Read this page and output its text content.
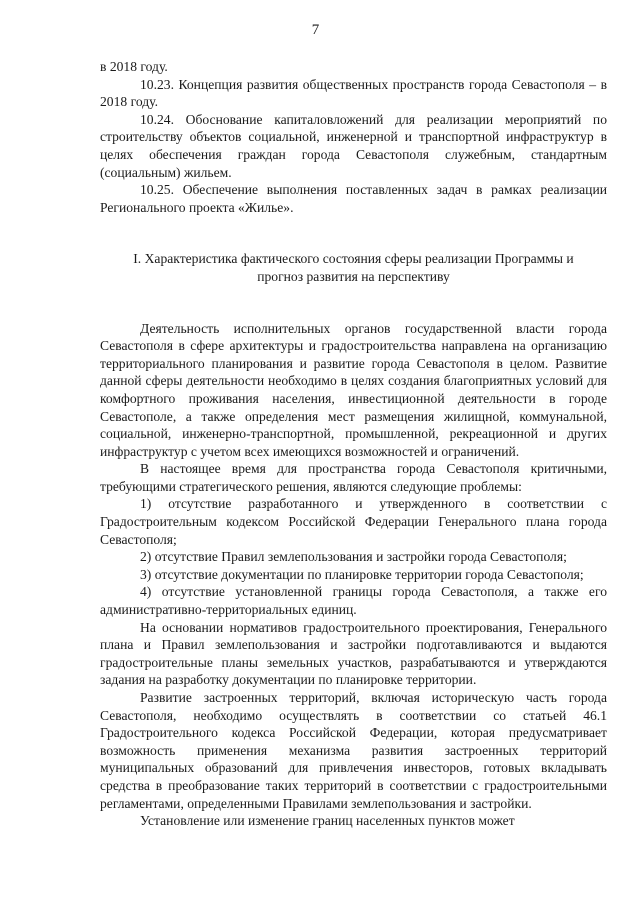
7

в 2018 году.

10.23. Концепция развития общественных пространств города Севастополя – в 2018 году.

10.24. Обоснование капиталовложений для реализации мероприятий по строительству объектов социальной, инженерной и транспортной инфраструктур в целях обеспечения граждан города Севастополя служебным, стандартным (социальным) жильем.

10.25. Обеспечение выполнения поставленных задач в рамках реализации Регионального проекта «Жилье».

I. Характеристика фактического состояния сферы реализации Программы и прогноз развития на перспективу

Деятельность исполнительных органов государственной власти города Севастополя в сфере архитектуры и градостроительства направлена на организацию территориального планирования и развитие города Севастополя в целом. Развитие данной сферы деятельности необходимо в целях создания благоприятных условий для комфортного проживания населения, инвестиционной деятельности в городе Севастополе, а также определения мест размещения жилищной, коммунальной, социальной, инженерно-транспортной, промышленной, рекреационной и других инфраструктур с учетом всех имеющихся возможностей и ограничений.

В настоящее время для пространства города Севастополя критичными, требующими стратегического решения, являются следующие проблемы:

1) отсутствие разработанного и утвержденного в соответствии с Градостроительным кодексом Российской Федерации Генерального плана города Севастополя;

2) отсутствие Правил землепользования и застройки города Севастополя;

3) отсутствие документации по планировке территории города Севастополя;

4) отсутствие установленной границы города Севастополя, а также его административно-территориальных единиц.

На основании нормативов градостроительного проектирования, Генерального плана и Правил землепользования и застройки подготавливаются и выдаются градостроительные планы земельных участков, разрабатываются и утверждаются задания на разработку документации по планировке территории.

Развитие застроенных территорий, включая историческую часть города Севастополя, необходимо осуществлять в соответствии со статьей 46.1 Градостроительного кодекса Российской Федерации, которая предусматривает возможность применения механизма развития застроенных территорий муниципальных образований для привлечения инвесторов, готовых вкладывать средства в преобразование таких территорий в соответствии с градостроительными регламентами, определенными Правилами землепользования и застройки.

Установление или изменение границ населенных пунктов может
